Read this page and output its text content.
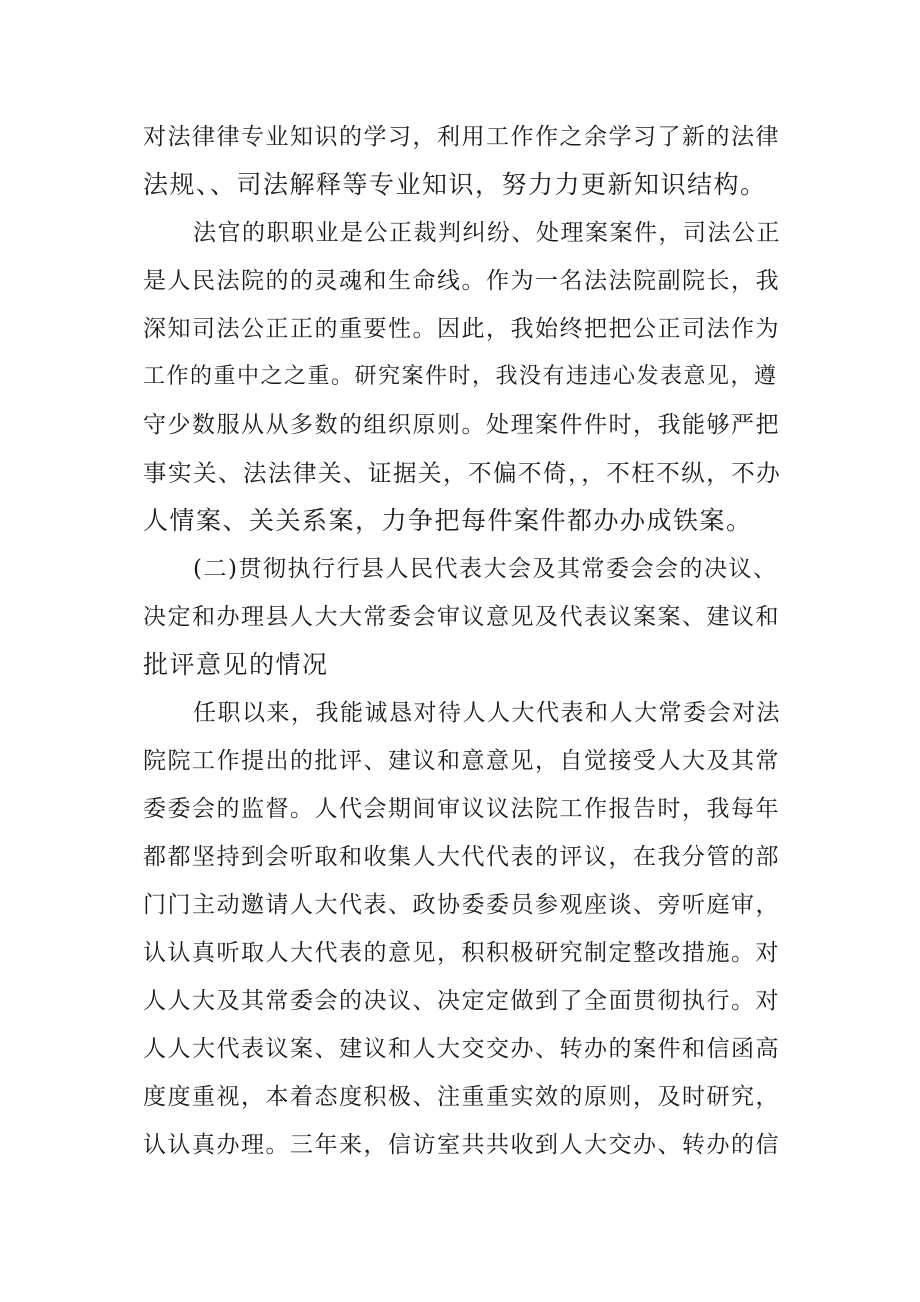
对法律律专业知识的学习，利用工作作之余学习了新的法律
法规、、司法解释等专业知识，努力力更新知识结构。
法官的职职业是公正裁判纠纷、处理案案件，司法公正
是人民法院的的灵魂和生命线。作为一名法法院副院长，我
深知司法公正正的重要性。因此，我始终把把公正司法作为
工作的重中之之重。研究案件时，我没有违违心发表意见，遵
守少数服从从多数的组织原则。处理案件件时，我能够严把
事实关、法法律关、证据关，不偏不倚，，不枉不纵，不办
人情案、关关系案，力争把每件案件都办办成铁案。
(二)贯彻执行行县人民代表大会及其常委会会的决议、
决定和办理县人大大常委会审议意见及代表议案案、建议和
批评意见的情况
任职以来，我能诚恳对待人人大代表和人大常委会对法
院院工作提出的批评、建议和意意见，自觉接受人大及其常
委委会的监督。人代会期间审议议法院工作报告时，我每年
都都坚持到会听取和收集人大代代表的评议，在我分管的部
门门主动邀请人大代表、政协委委员参观座谈、旁听庭审，
认认真听取人大代表的意见，积积极研究制定整改措施。对
人人大及其常委会的决议、决定定做到了全面贯彻执行。对
人人大代表议案、建议和人大交交办、转办的案件和信函高
度度重视，本着态度积极、注重重实效的原则，及时研究，
认认真办理。三年来，信访室共共收到人大交办、转办的信
